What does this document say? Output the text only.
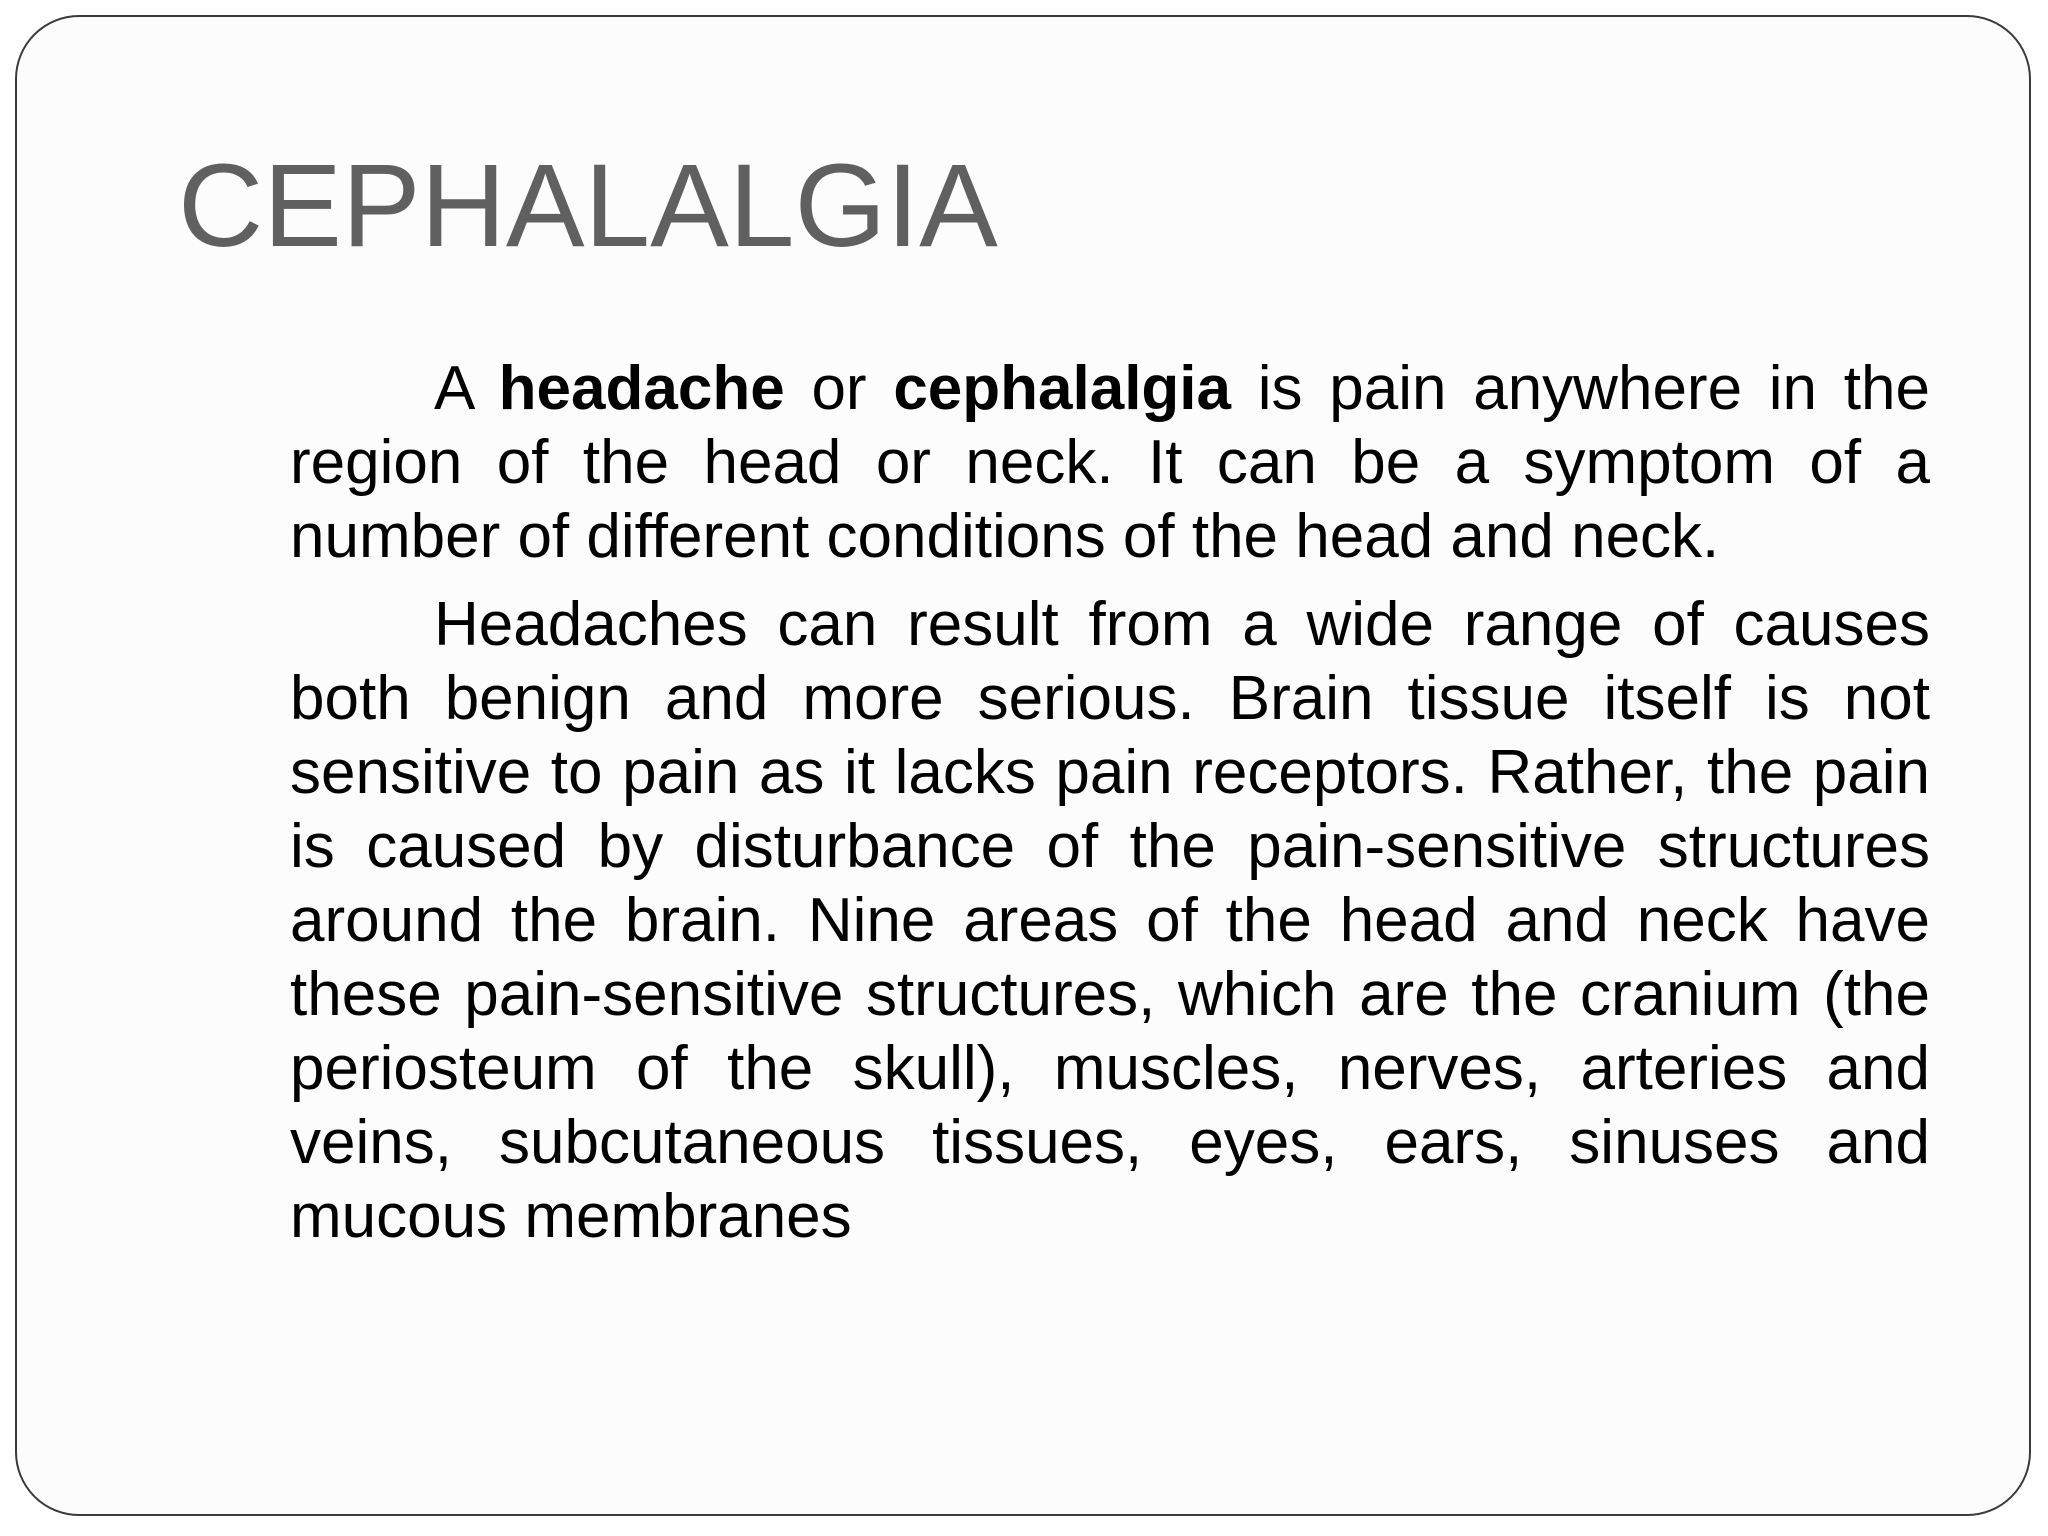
CEPHALALGIA

A headache or cephalalgia is pain anywhere in the region of the head or neck. It can be a symptom of a number of different conditions of the head and neck.

Headaches can result from a wide range of causes both benign and more serious. Brain tissue itself is not sensitive to pain as it lacks pain receptors. Rather, the pain is caused by disturbance of the pain-sensitive structures around the brain. Nine areas of the head and neck have these pain-sensitive structures, which are the cranium (the periosteum of the skull), muscles, nerves, arteries and veins, subcutaneous tissues, eyes, ears, sinuses and mucous membranes
